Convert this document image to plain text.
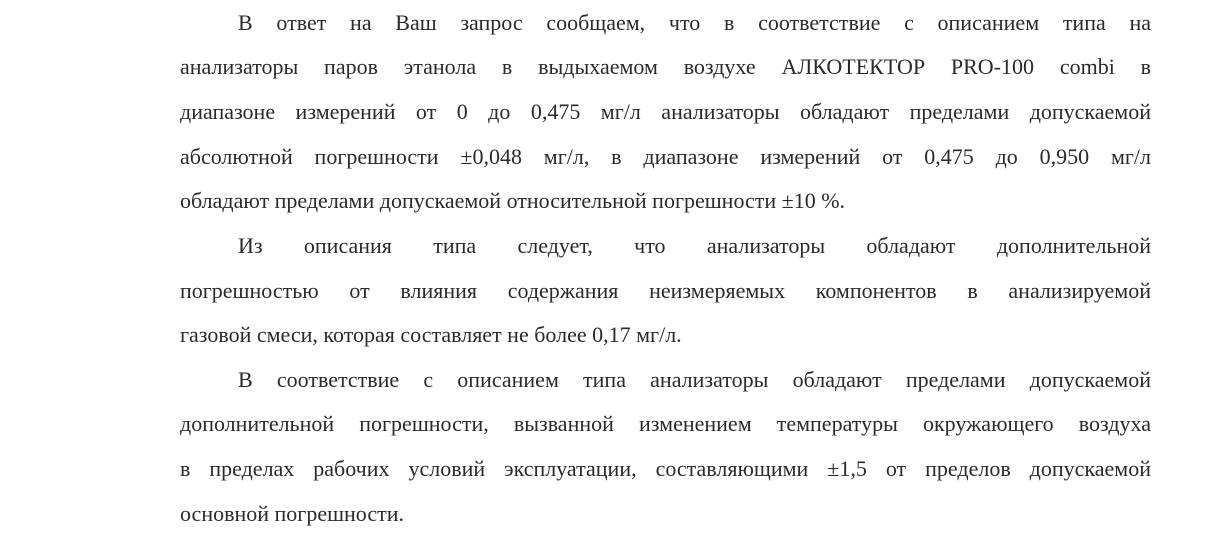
В ответ на Ваш запрос сообщаем, что в соответствие с описанием типа на
анализаторы паров этанола в выдыхаемом воздухе АЛКОТЕКТОР PRO-100 combi в
диапазоне измерений от 0 до 0,475 мг/л анализаторы обладают пределами допускаемой
абсолютной погрешности ±0,048 мг/л, в диапазоне измерений от 0,475 до 0,950 мг/л
обладают пределами допускаемой относительной погрешности ±10 %.
Из описания типа следует, что анализаторы обладают дополнительной
погрешностью от влияния содержания неизмеряемых компонентов в анализируемой
газовой смеси, которая составляет не более 0,17 мг/л.
В соответствие с описанием типа анализаторы обладают пределами допускаемой
дополнительной погрешности, вызванной изменением температуры окружающего воздуха
в пределах рабочих условий эксплуатации, составляющими ±1,5 от пределов допускаемой
основной погрешности.
